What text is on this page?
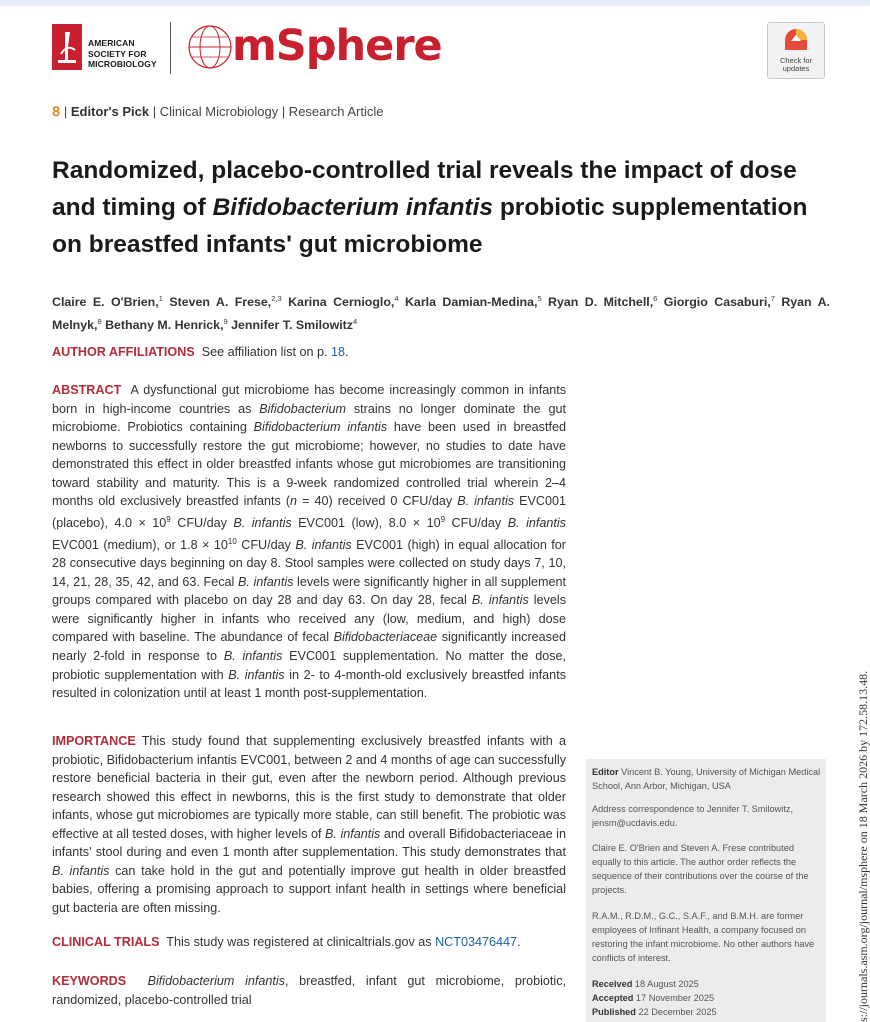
AMERICAN
SOCIETY FOR
MICROBIOLOGY mSphere	Check for
updates
𝟪 | Editor's Pick | Clinical Microbiology | Research Article
Randomized, placebo-controlled trial reveals the impact of dose and timing of Bifidobacterium infantis probiotic supplementation on breastfed infants' gut microbiome
Claire E. O'Brien,$^1$ Steven A. Frese,$^{2,3}$ Karina Cernioglo,$^4$ Karla Damian-Medina,$^5$ Ryan D. Mitchell,$^6$ Giorgio Casaburi,$^7$ Ryan A. Melnyk,$^8$ Bethany M. Henrick,$^9$ Jennifer T. Smilowitz$^4$
AUTHOR AFFILIATIONS See affiliation list on p. 18.

ABSTRACT A dysfunctional gut microbiome has become increasingly common in infants born in high-income countries as Bifidobacterium strains no longer dominate the gut microbiome. Probiotics containing Bifidobacterium infantis have been used in breastfed newborns to successfully restore the gut microbiome; however, no studies to date have demonstrated this effect in older breastfed infants whose gut microbiomes are transitioning toward stability and maturity. This is a 9-week randomized controlled trial wherein 2–4 months old exclusively breastfed infants (n = 40) received 0 CFU/day B. infantis EVC001 (placebo), $4.0 \times 10^9$ CFU/day B. infantis EVC001 (low), $8.0 \times 10^9$ CFU/day B. infantis EVC001 (medium), or $1.8 \times 10^{10}$ CFU/day B. infantis EVC001 (high) in equal allocation for 28 consecutive days beginning on day 8. Stool samples were collected on study days 7, 10, 14, 21, 28, 35, 42, and 63. Fecal B. infantis levels were significantly higher in all supplement groups compared with placebo on day 28 and day 63. On day 28, fecal B. infantis levels were significantly higher in infants who received any (low, medium, and high) dose compared with baseline. The abundance of fecal Bifidobacteriaceae significantly increased nearly 2-fold in response to B. infantis EVC001 supplementation. No matter the dose, probiotic supplementation with B. infantis in 2- to 4-month-old exclusively breastfed infants resulted in colonization until at least 1 month post-supplementation.

IMPORTANCE This study found that supplementing exclusively breastfed infants with a probiotic, Bifidobacterium infantis EVC001, between 2 and 4 months of age can successfully restore beneficial bacteria in their gut, even after the newborn period. Although previous research showed this effect in newborns, this is the first study to demonstrate that older infants, whose gut microbiomes are typically more stable, can still benefit. The probiotic was effective at all tested doses, with higher levels of B. infantis and overall Bifidobacteriaceae in infants' stool during and even 1 month after supplementation. This study demonstrates that B. infantis can take hold in the gut and potentially improve gut health in older breastfed babies, offering a promising approach to support infant health in settings where beneficial gut bacteria are often missing.

CLINICAL TRIALS This study was registered at clinicaltrials.gov as NCT03476447.

KEYWORDS Bifidobacterium infantis, breastfed, infant gut microbiome, probiotic, randomized, placebo-controlled trial

Editor Vincent B. Young, University of Michigan Medical School, Ann Arbor, Michigan, USA

Address correspondence to Jennifer T. Smilowitz, jensm@ucdavis.edu.

Claire E. O'Brien and Steven A. Frese contributed equally to this article. The author order reflects the sequence of their contributions over the course of the projects.

R.A.M., R.D.M., G.C., S.A.F., and B.M.H. are former employees of Infinant Health, a company focused on restoring the infant microbiome. No other authors have conflicts of interest.

Received 18 August 2025

Accepted 17 November 2025

Published 22 December 2025	s://journals.asm.org/journal/msphere on 18 March 2026 by 172.58.13.48.
